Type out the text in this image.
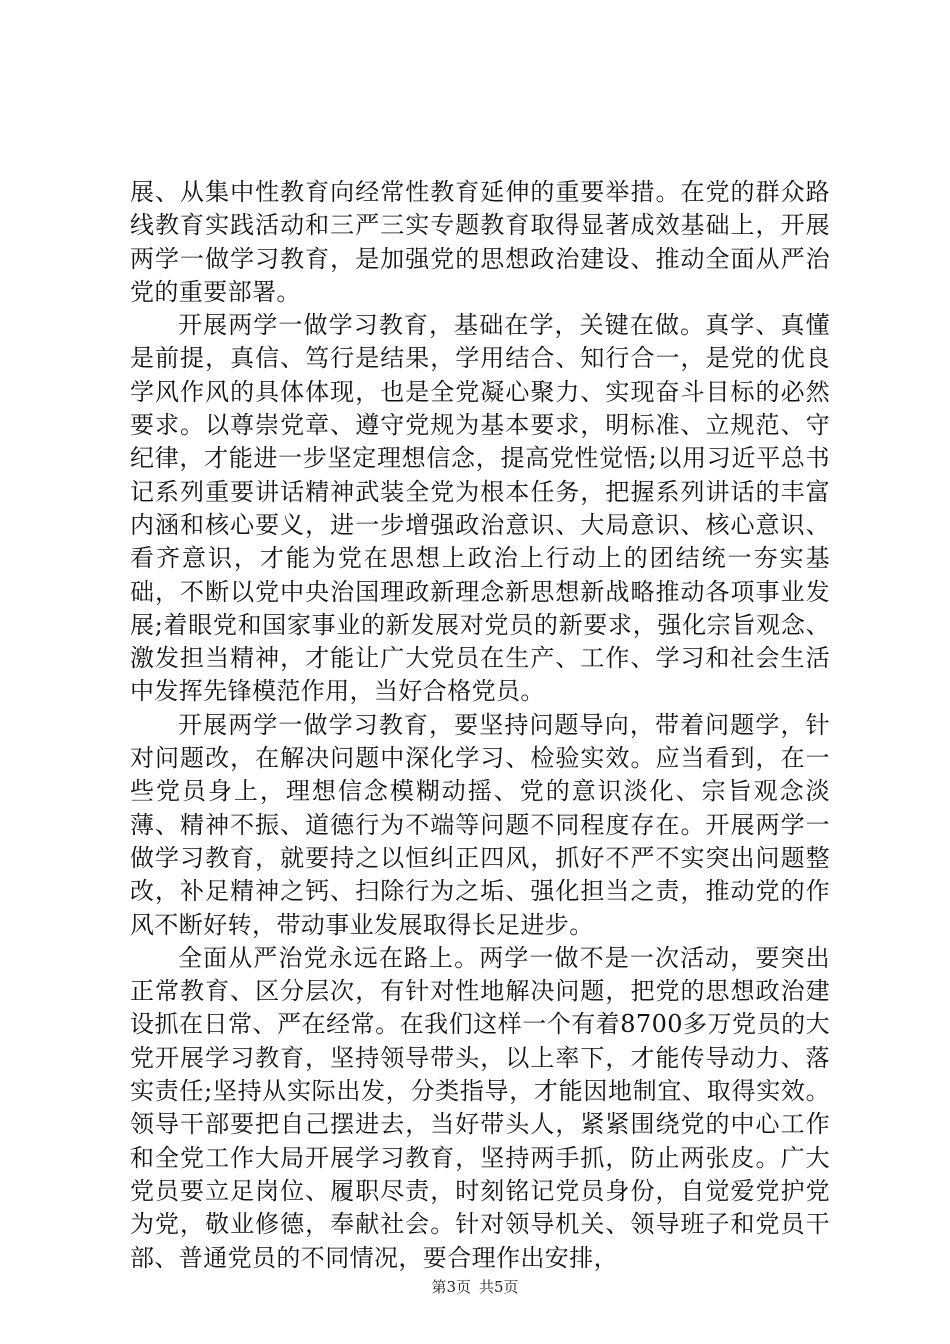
展、从集中性教育向经常性教育延伸的重要举措。在党的群众路线教育实践活动和三严三实专题教育取得显著成效基础上，开展两学一做学习教育，是加强党的思想政治建设、推动全面从严治党的重要部署。

开展两学一做学习教育，基础在学，关键在做。真学、真懂是前提，真信、笃行是结果，学用结合、知行合一，是党的优良学风作风的具体体现，也是全党凝心聚力、实现奋斗目标的必然要求。以尊崇党章、遵守党规为基本要求，明标准、立规范、守纪律，才能进一步坚定理想信念，提高党性觉悟;以用习近平总书记系列重要讲话精神武装全党为根本任务，把握系列讲话的丰富内涵和核心要义，进一步增强政治意识、大局意识、核心意识、看齐意识，才能为党在思想上政治上行动上的团结统一夯实基础，不断以党中央治国理政新理念新思想新战略推动各项事业发展;着眼党和国家事业的新发展对党员的新要求，强化宗旨观念、激发担当精神，才能让广大党员在生产、工作、学习和社会生活中发挥先锋模范作用，当好合格党员。

开展两学一做学习教育，要坚持问题导向，带着问题学，针对问题改，在解决问题中深化学习、检验实效。应当看到，在一些党员身上，理想信念模糊动摇、党的意识淡化、宗旨观念淡薄、精神不振、道德行为不端等问题不同程度存在。开展两学一做学习教育，就要持之以恒纠正四风，抓好不严不实突出问题整改，补足精神之钙、扫除行为之垢、强化担当之责，推动党的作风不断好转，带动事业发展取得长足进步。

全面从严治党永远在路上。两学一做不是一次活动，要突出正常教育、区分层次，有针对性地解决问题，把党的思想政治建设抓在日常、严在经常。在我们这样一个有着8700多万党员的大党开展学习教育，坚持领导带头，以上率下，才能传导动力、落实责任;坚持从实际出发，分类指导，才能因地制宜、取得实效。领导干部要把自己摆进去，当好带头人，紧紧围绕党的中心工作和全党工作大局开展学习教育，坚持两手抓，防止两张皮。广大党员要立足岗位、履职尽责，时刻铭记党员身份，自觉爱党护党为党，敬业修德，奉献社会。针对领导机关、领导班子和党员干部、普通党员的不同情况，要合理作出安排，

第3页 共5页
